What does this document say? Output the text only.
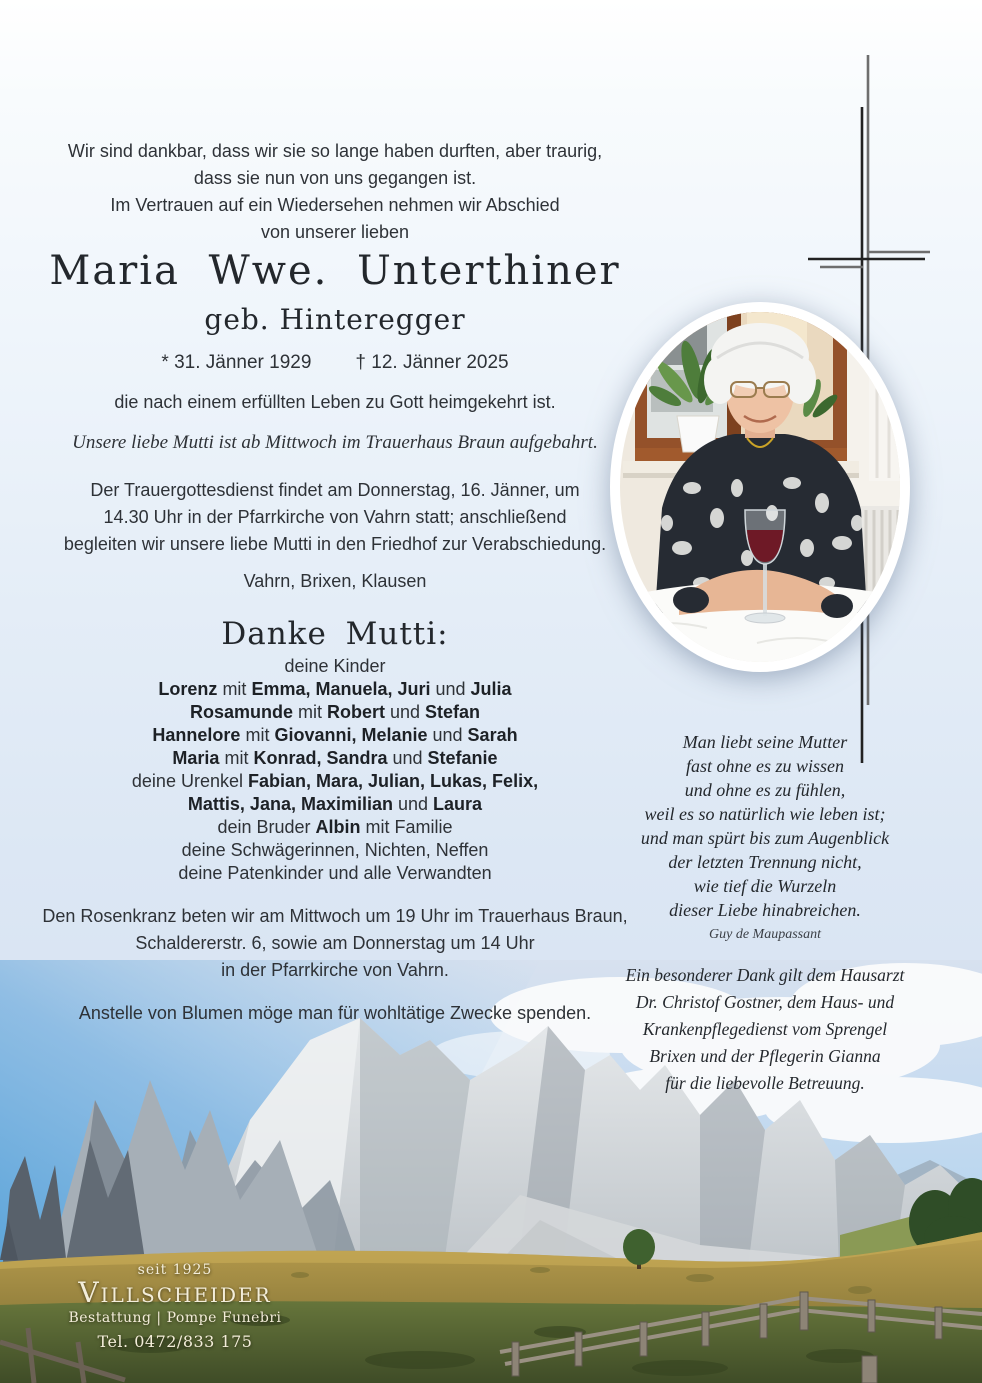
Wir sind dankbar, dass wir sie so lange haben durften, aber traurig,
dass sie nun von uns gegangen ist.
Im Vertrauen auf ein Wiedersehen nehmen wir Abschied
von unserer lieben
Maria Wwe. Unterthiner
geb. Hinteregger
* 31. Jänner 1929 † 12. Jänner 2025
die nach einem erfüllten Leben zu Gott heimgekehrt ist.
Unsere liebe Mutti ist ab Mittwoch im Trauerhaus Braun aufgebahrt.
Der Trauergottesdienst findet am Donnerstag, 16. Jänner, um
14.30 Uhr in der Pfarrkirche von Vahrn statt; anschließend
begleiten wir unsere liebe Mutti in den Friedhof zur Verabschiedung.
Vahrn, Brixen, Klausen
Danke Mutti:
deine Kinder
Lorenz mit Emma, Manuela, Juri und Julia
Rosamunde mit Robert und Stefan
Hannelore mit Giovanni, Melanie und Sarah
Maria mit Konrad, Sandra und Stefanie
deine Urenkel Fabian, Mara, Julian, Lukas, Felix,
Mattis, Jana, Maximilian und Laura
dein Bruder Albin mit Familie
deine Schwägerinnen, Nichten, Neffen
deine Patenkinder und alle Verwandten
Den Rosenkranz beten wir am Mittwoch um 19 Uhr im Trauerhaus Braun,
Schaldererstr. 6, sowie am Donnerstag um 14 Uhr
in der Pfarrkirche von Vahrn.
Anstelle von Blumen möge man für wohltätige Zwecke spenden.
Man liebt seine Mutter
fast ohne es zu wissen
und ohne es zu fühlen,
weil es so natürlich wie leben ist;
und man spürt bis zum Augenblick
der letzten Trennung nicht,
wie tief die Wurzeln
dieser Liebe hinabreichen.
Guy de Maupassant
Ein besonderer Dank gilt dem Hausarzt
Dr. Christof Gostner, dem Haus- und
Krankenpflegedienst vom Sprengel
Brixen und der Pflegerin Gianna
für die liebevolle Betreuung.
seit 1925
Villscheider
Bestattung | Pompe Funebri
Tel. 0472/833 175
